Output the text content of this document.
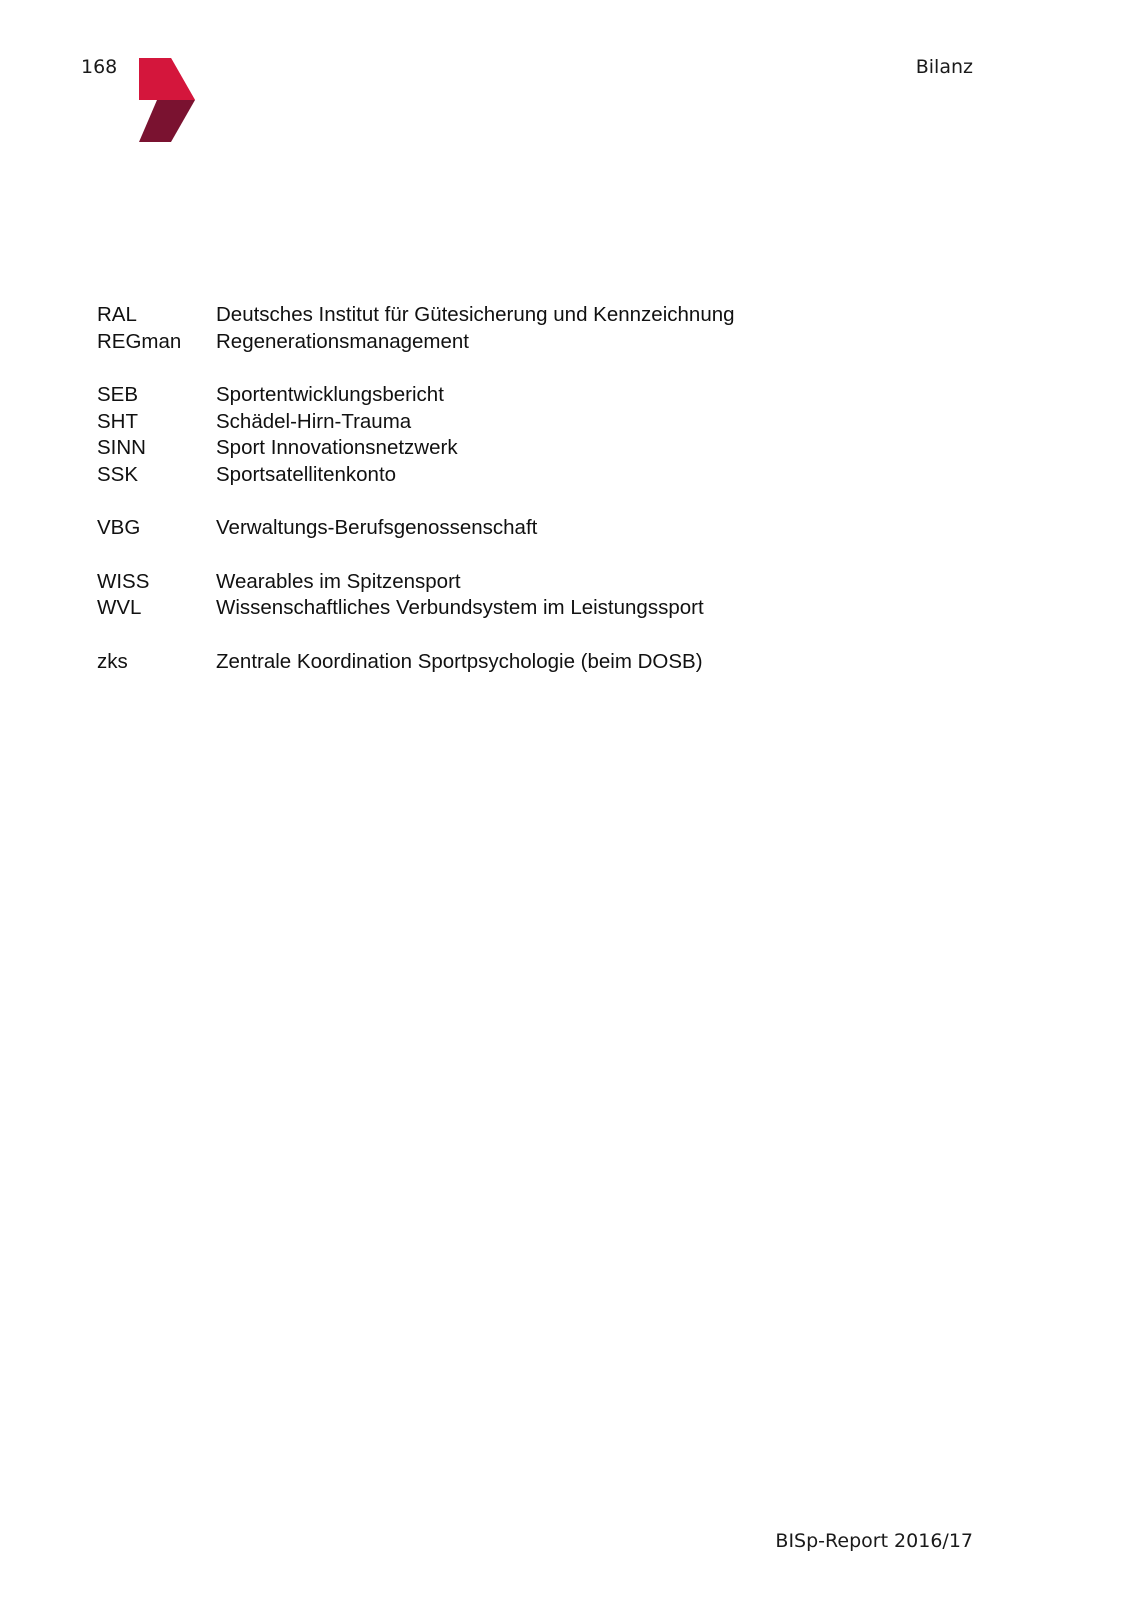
168	Bilanz
RAL	Deutsches Institut für Gütesicherung und Kennzeichnung
REGman	Regenerationsmanagement
SEB	Sportentwicklungsbericht
SHT	Schädel-Hirn-Trauma
SINN	Sport Innovationsnetzwerk
SSK	Sportsatellitenkonto
VBG	Verwaltungs-Berufsgenossenschaft
WISS	Wearables im Spitzensport
WVL	Wissenschaftliches Verbundsystem im Leistungssport
zks	Zentrale Koordination Sportpsychologie (beim DOSB)
BISp-Report 2016/17
